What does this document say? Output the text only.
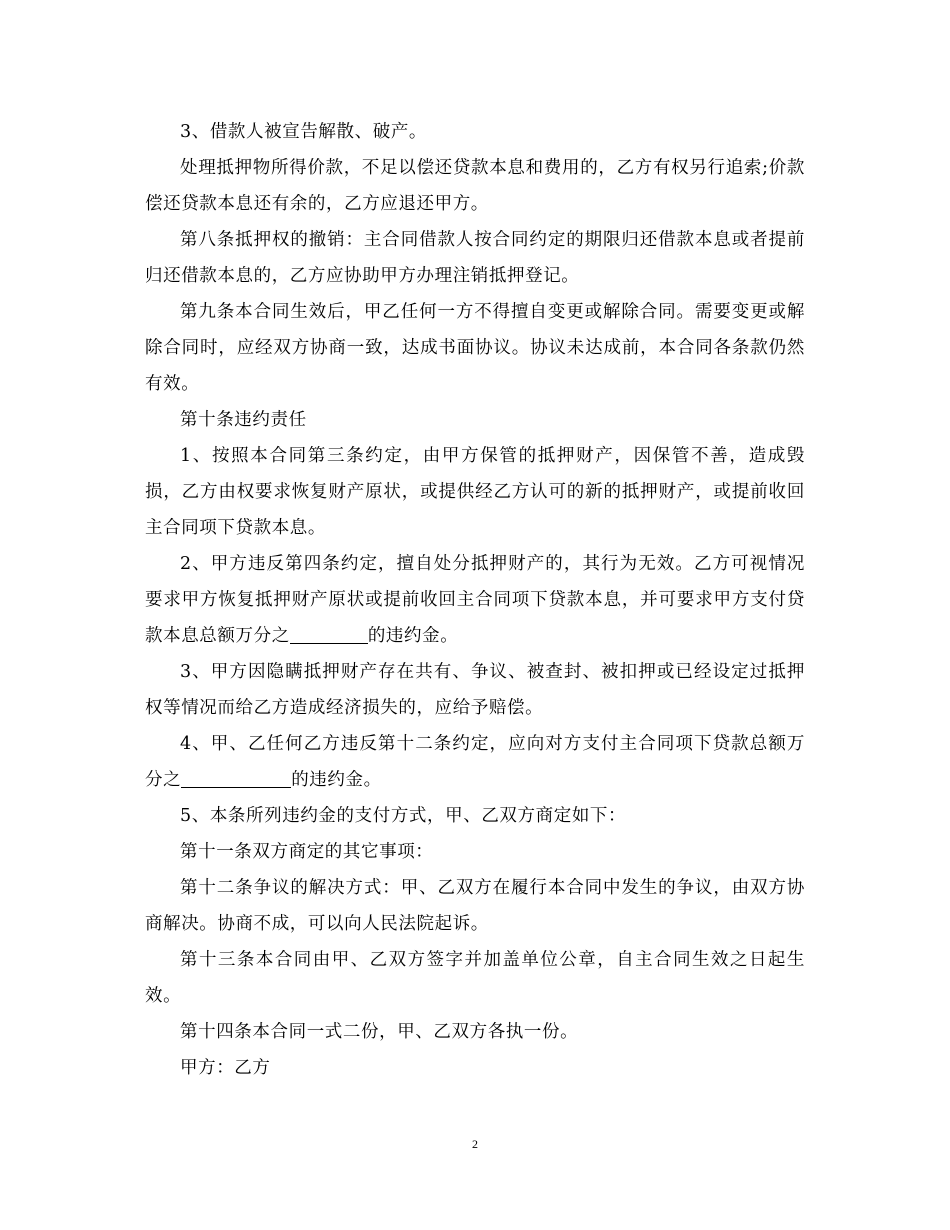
3、借款人被宣告解散、破产。

处理抵押物所得价款，不足以偿还贷款本息和费用的，乙方有权另行追索;价款偿还贷款本息还有余的，乙方应退还甲方。

第八条抵押权的撤销：主合同借款人按合同约定的期限归还借款本息或者提前归还借款本息的，乙方应协助甲方办理注销抵押登记。

第九条本合同生效后，甲乙任何一方不得擅自变更或解除合同。需要变更或解除合同时，应经双方协商一致，达成书面协议。协议未达成前，本合同各条款仍然有效。

第十条违约责任

1、按照本合同第三条约定，由甲方保管的抵押财产，因保管不善，造成毁损，乙方由权要求恢复财产原状，或提供经乙方认可的新的抵押财产，或提前收回主合同项下贷款本息。

2、甲方违反第四条约定，擅自处分抵押财产的，其行为无效。乙方可视情况要求甲方恢复抵押财产原状或提前收回主合同项下贷款本息，并可要求甲方支付贷款本息总额万分之	的违约金。

3、甲方因隐瞒抵押财产存在共有、争议、被查封、被扣押或已经设定过抵押权等情况而给乙方造成经济损失的，应给予赔偿。

4、甲、乙任何乙方违反第十二条约定，应向对方支付主合同项下贷款总额万分之	的违约金。

5、本条所列违约金的支付方式，甲、乙双方商定如下：

第十一条双方商定的其它事项：

第十二条争议的解决方式：甲、乙双方在履行本合同中发生的争议，由双方协商解决。协商不成，可以向人民法院起诉。

第十三条本合同由甲、乙双方签字并加盖单位公章，自主合同生效之日起生效。

第十四条本合同一式二份，甲、乙双方各执一份。

甲方：乙方

2
